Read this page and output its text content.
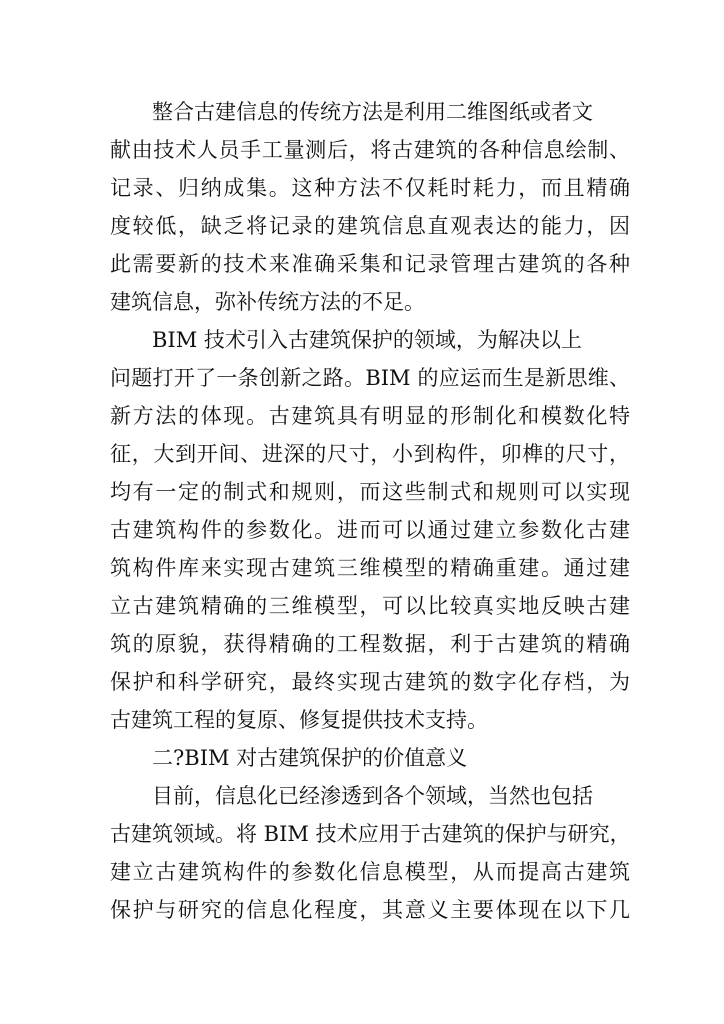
整合古建信息的传统方法是利用二维图纸或者文
献由技术人员手工量测后，将古建筑的各种信息绘制、
记录、归纳成集。这种方法不仅耗时耗力，而且精确
度较低，缺乏将记录的建筑信息直观表达的能力，因
此需要新的技术来准确采集和记录管理古建筑的各种
建筑信息，弥补传统方法的不足。
BIM 技术引入古建筑保护的领域，为解决以上
问题打开了一条创新之路。BIM 的应运而生是新思维、
新方法的体现。古建筑具有明显的形制化和模数化特
征，大到开间、进深的尺寸，小到构件，卯榫的尺寸，
均有一定的制式和规则，而这些制式和规则可以实现
古建筑构件的参数化。进而可以通过建立参数化古建
筑构件库来实现古建筑三维模型的精确重建。通过建
立古建筑精确的三维模型，可以比较真实地反映古建
筑的原貌，获得精确的工程数据，利于古建筑的精确
保护和科学研究，最终实现古建筑的数字化存档，为
古建筑工程的复原、修复提供技术支持。
二?BIM 对古建筑保护的价值意义
目前，信息化已经渗透到各个领域，当然也包括
古建筑领域。将 BIM 技术应用于古建筑的保护与研究，
建立古建筑构件的参数化信息模型，从而提高古建筑
保护与研究的信息化程度，其意义主要体现在以下几
